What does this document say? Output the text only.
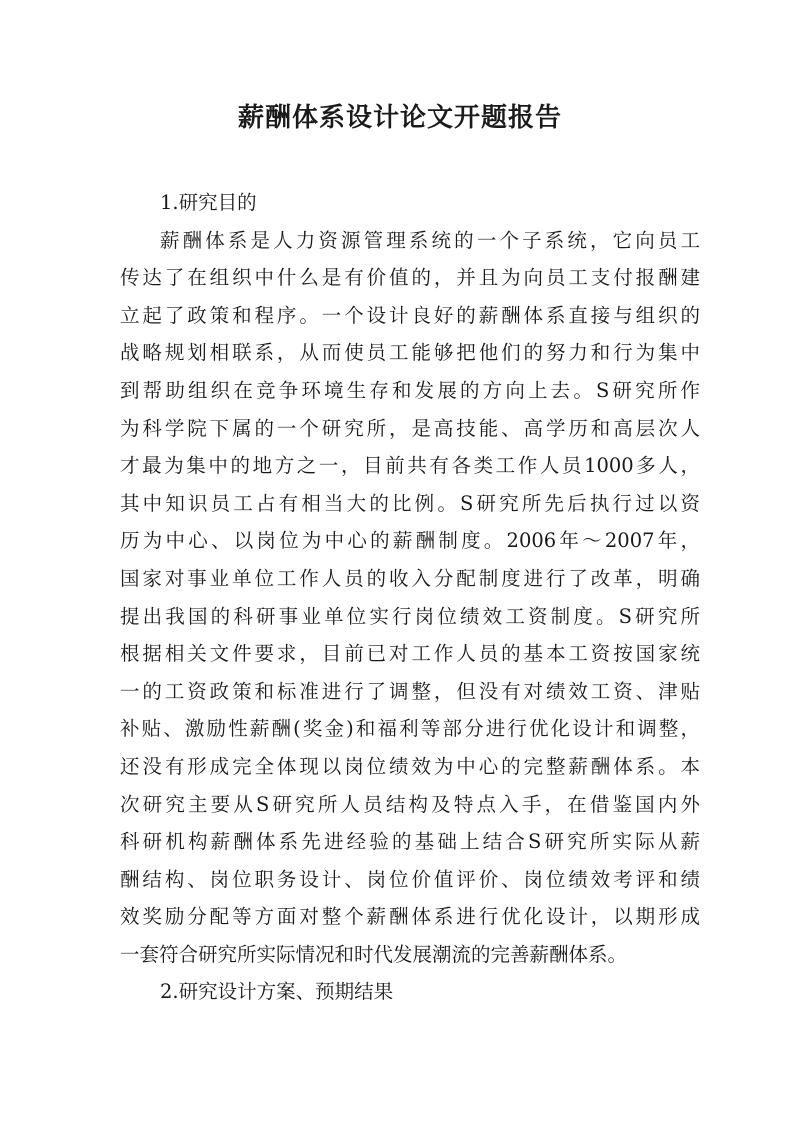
薪酬体系设计论文开题报告
1.研究目的
薪酬体系是人力资源管理系统的一个子系统，它向员工
传达了在组织中什么是有价值的，并且为向员工支付报酬建
立起了政策和程序。一个设计良好的薪酬体系直接与组织的
战略规划相联系，从而使员工能够把他们的努力和行为集中
到帮助组织在竞争环境生存和发展的方向上去。S研究所作
为科学院下属的一个研究所，是高技能、高学历和高层次人
才最为集中的地方之一，目前共有各类工作人员1000多人，
其中知识员工占有相当大的比例。S研究所先后执行过以资
历为中心、以岗位为中心的薪酬制度。2006年～2007年，
国家对事业单位工作人员的收入分配制度进行了改革，明确
提出我国的科研事业单位实行岗位绩效工资制度。S研究所
根据相关文件要求，目前已对工作人员的基本工资按国家统
一的工资政策和标准进行了调整，但没有对绩效工资、津贴
补贴、激励性薪酬(奖金)和福利等部分进行优化设计和调整，
还没有形成完全体现以岗位绩效为中心的完整薪酬体系。本
次研究主要从S研究所人员结构及特点入手，在借鉴国内外
科研机构薪酬体系先进经验的基础上结合S研究所实际从薪
酬结构、岗位职务设计、岗位价值评价、岗位绩效考评和绩
效奖励分配等方面对整个薪酬体系进行优化设计，以期形成
一套符合研究所实际情况和时代发展潮流的完善薪酬体系。
2.研究设计方案、预期结果
